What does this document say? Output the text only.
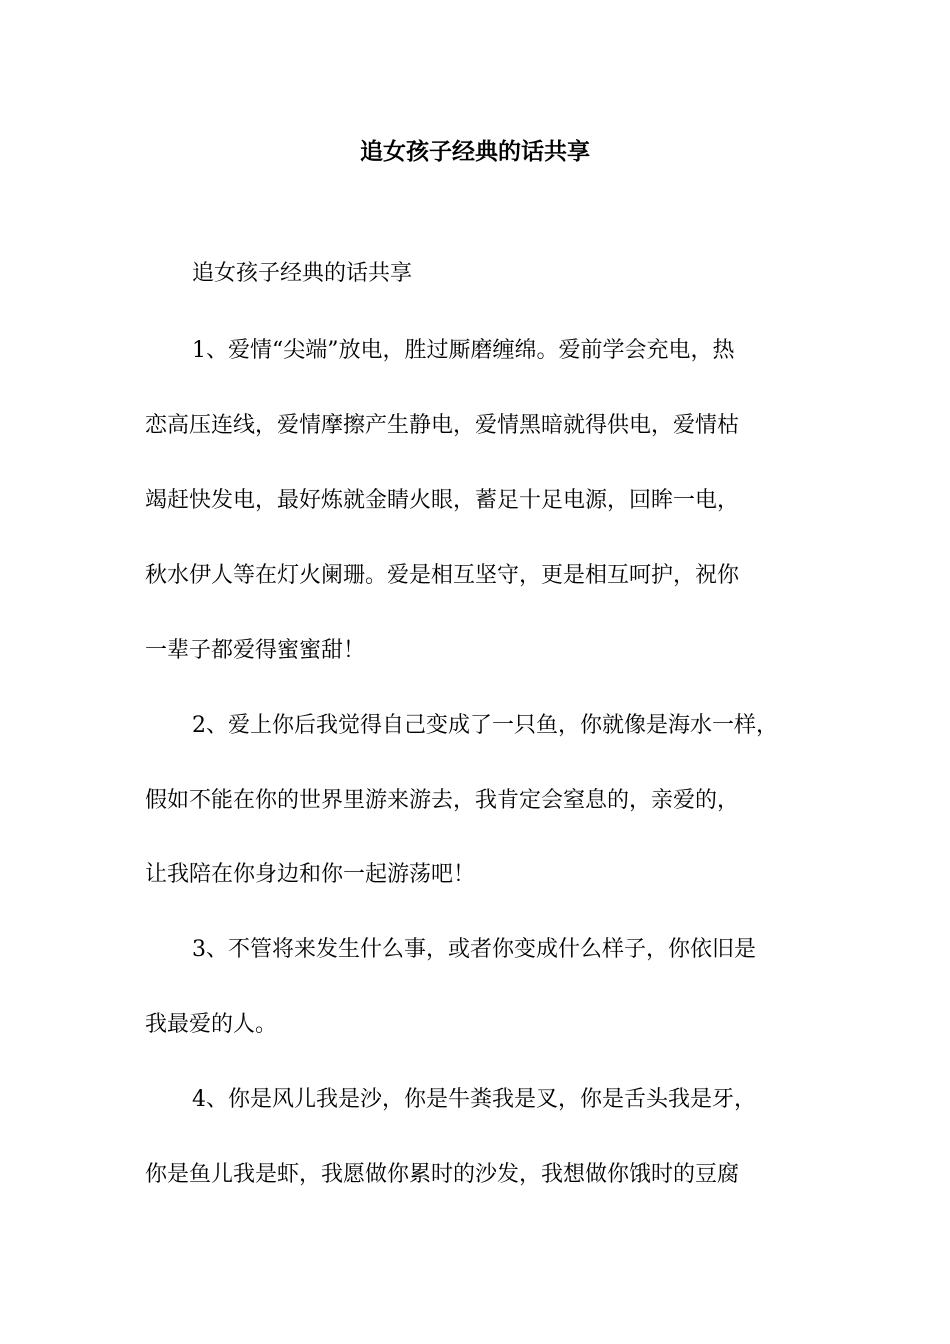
追女孩子经典的话共享

追女孩子经典的话共享

1、爱情“尖端”放电，胜过厮磨缠绵。爱前学会充电，热

恋高压连线，爱情摩擦产生静电，爱情黑暗就得供电，爱情枯

竭赶快发电，最好炼就金睛火眼，蓄足十足电源，回眸一电，

秋水伊人等在灯火阑珊。爱是相互坚守，更是相互呵护，祝你

一辈子都爱得蜜蜜甜！

2、爱上你后我觉得自己变成了一只鱼，你就像是海水一样，

假如不能在你的世界里游来游去，我肯定会窒息的，亲爱的，

让我陪在你身边和你一起游荡吧！

3、不管将来发生什么事，或者你变成什么样子，你依旧是

我最爱的人。

4、你是风儿我是沙，你是牛粪我是叉，你是舌头我是牙，

你是鱼儿我是虾，我愿做你累时的沙发，我想做你饿时的豆腐
